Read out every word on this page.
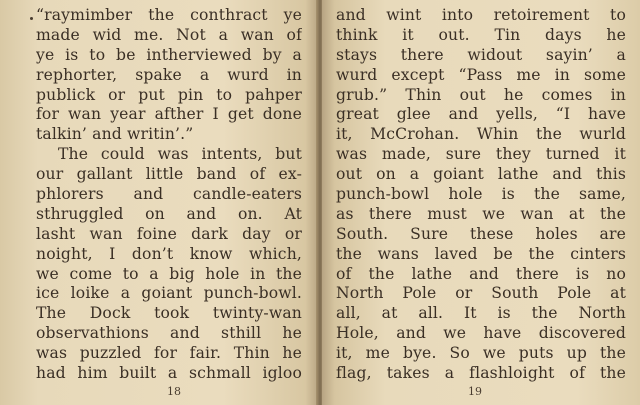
“raymimber the conthract ye
made wid me. Not a wan of
ye is to be intherviewed by a
rephorter, spake a wurd in
publick or put pin to pahper
for wan year afther I get done
talkin’ and writin’.”
The could was intents, but
our gallant little band of ex-
phlorers and candle-eaters
sthruggled on and on. At
lasht wan foine dark day or
noight, I don’t know which,
we come to a big hole in the
ice loike a goiant punch-bowl.
The Dock took twinty-wan
observathions and sthill he
was puzzled for fair. Thin he
had him built a schmall igloo
18
and wint into retoirement to
think it out. Tin days he
stays there widout sayin’ a
wurd except “Pass me in some
grub.” Thin out he comes in
great glee and yells, “I have
it, McCrohan. Whin the wurld
was made, sure they turned it
out on a goiant lathe and this
punch-bowl hole is the same,
as there must we wan at the
South. Sure these holes are
the wans laved be the cinters
of the lathe and there is no
North Pole or South Pole at
all, at all. It is the North
Hole, and we have discovered
it, me bye. So we puts up the
flag, takes a flashloight of the
19
